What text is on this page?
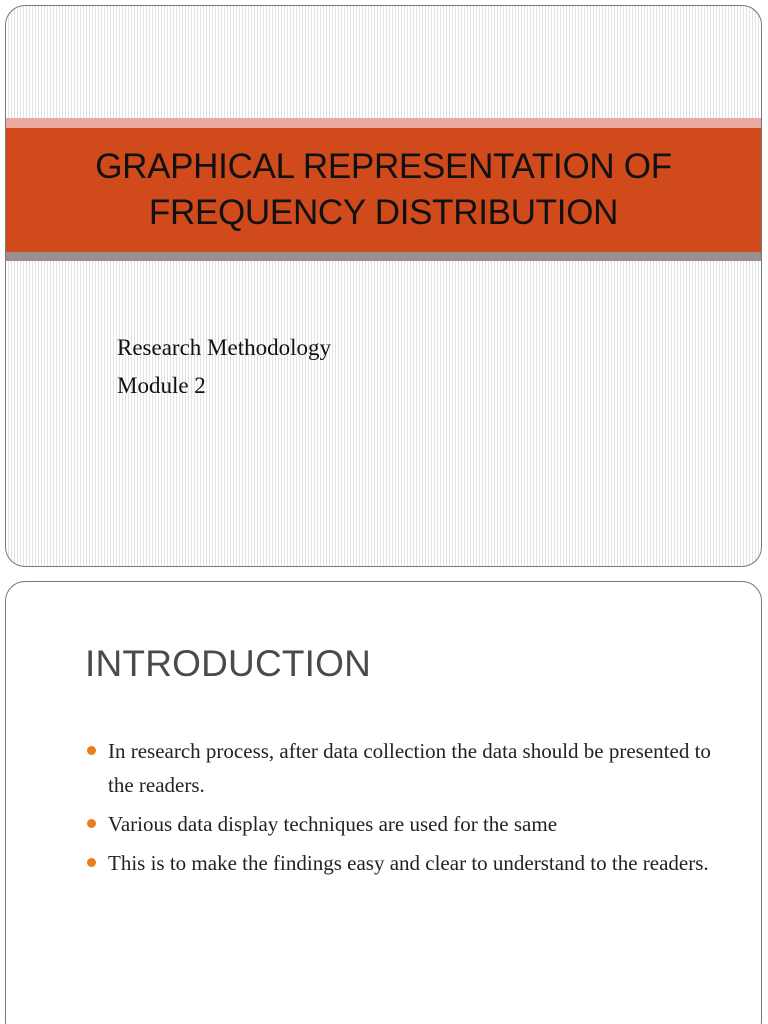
GRAPHICAL REPRESENTATION OF
FREQUENCY DISTRIBUTION
Research Methodology
Module 2
INTRODUCTION
In research process, after data collection the data should be presented to the readers.
Various data display techniques are used for the same
This is to make the findings easy and clear to understand to the readers.
